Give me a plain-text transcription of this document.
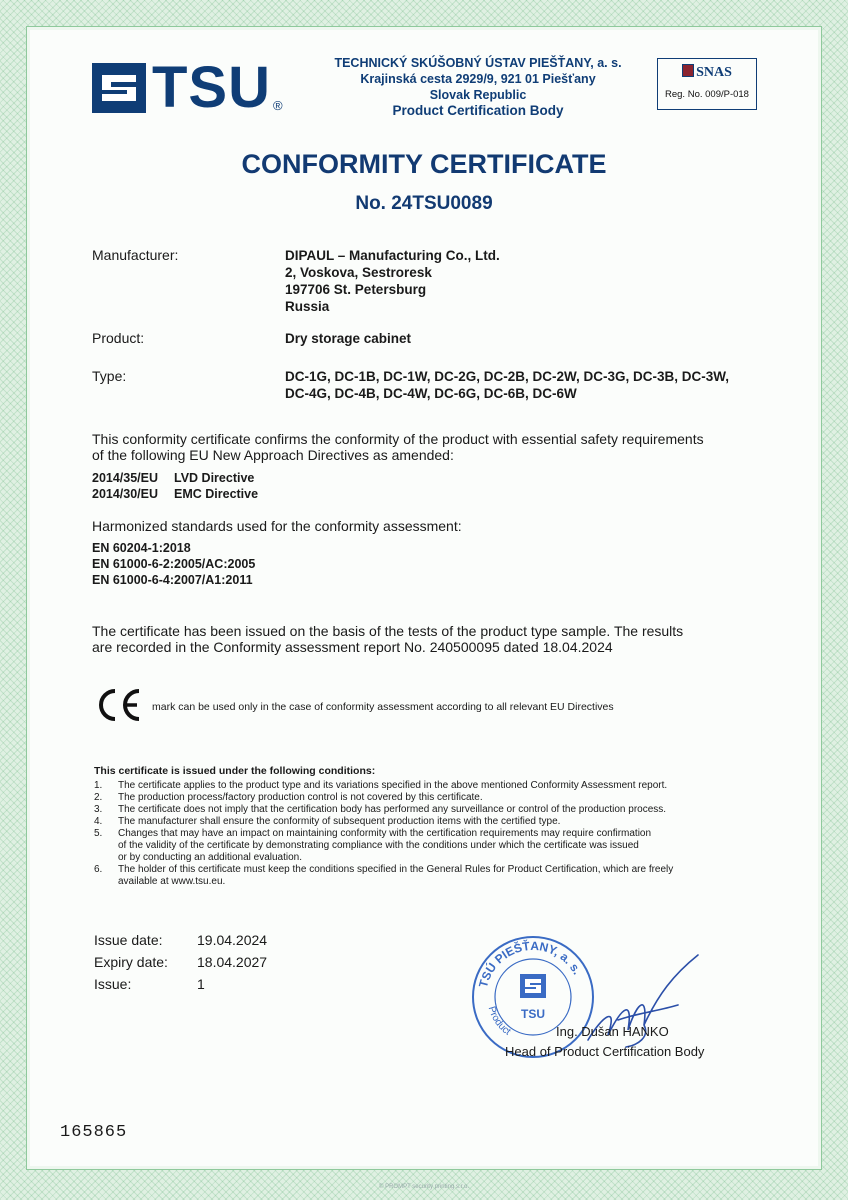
TSU ®
TECHNICKÝ SKÚŠOBNÝ ÚSTAV PIEŠŤANY, a. s.
Krajinská cesta 2929/9, 921 01 Piešťany
Slovak Republic
Product Certification Body
SNAS
Reg. No. 009/P-018
CONFORMITY CERTIFICATE
No. 24TSU0089
Manufacturer:	DIPAUL – Manufacturing Co., Ltd.
2, Voskova, Sestroresk
197706 St. Petersburg
Russia
Product:	Dry storage cabinet
Type:	DC-1G, DC-1B, DC-1W, DC-2G, DC-2B, DC-2W, DC-3G, DC-3B, DC-3W,
DC-4G, DC-4B, DC-4W, DC-6G, DC-6B, DC-6W
This conformity certificate confirms the conformity of the product with essential safety requirements
of the following EU New Approach Directives as amended:
2014/35/EU	LVD Directive
2014/30/EU	EMC Directive
Harmonized standards used for the conformity assessment:
EN 60204-1:2018
EN 61000-6-2:2005/AC:2005
EN 61000-6-4:2007/A1:2011
The certificate has been issued on the basis of the tests of the product type sample. The results
are recorded in the Conformity assessment report No. 240500095 dated 18.04.2024
mark can be used only in the case of conformity assessment according to all relevant EU Directives
This certificate is issued under the following conditions:
1.	The certificate applies to the product type and its variations specified in the above mentioned Conformity Assessment report.
2.	The production process/factory production control is not covered by this certificate.
3.	The certificate does not imply that the certification body has performed any surveillance or control of the production process.
4.	The manufacturer shall ensure the conformity of subsequent production items with the certified type.
5.	Changes that may have an impact on maintaining conformity with the certification requirements may require confirmation
of the validity of the certificate by demonstrating compliance with the conditions under which the certificate was issued
or by conducting an additional evaluation.
6.	The holder of this certificate must keep the conditions specified in the General Rules for Product Certification, which are freely
available at www.tsu.eu.
Issue date:	19.04.2024
Expiry date:	18.04.2027
Issue:	1	TSÚ PIEŠŤANY, a. s.
Product
TSU
Ing. Dušan HANKO
Head of Product Certification Body
165865
© PROMPT security printing s.r.o.
